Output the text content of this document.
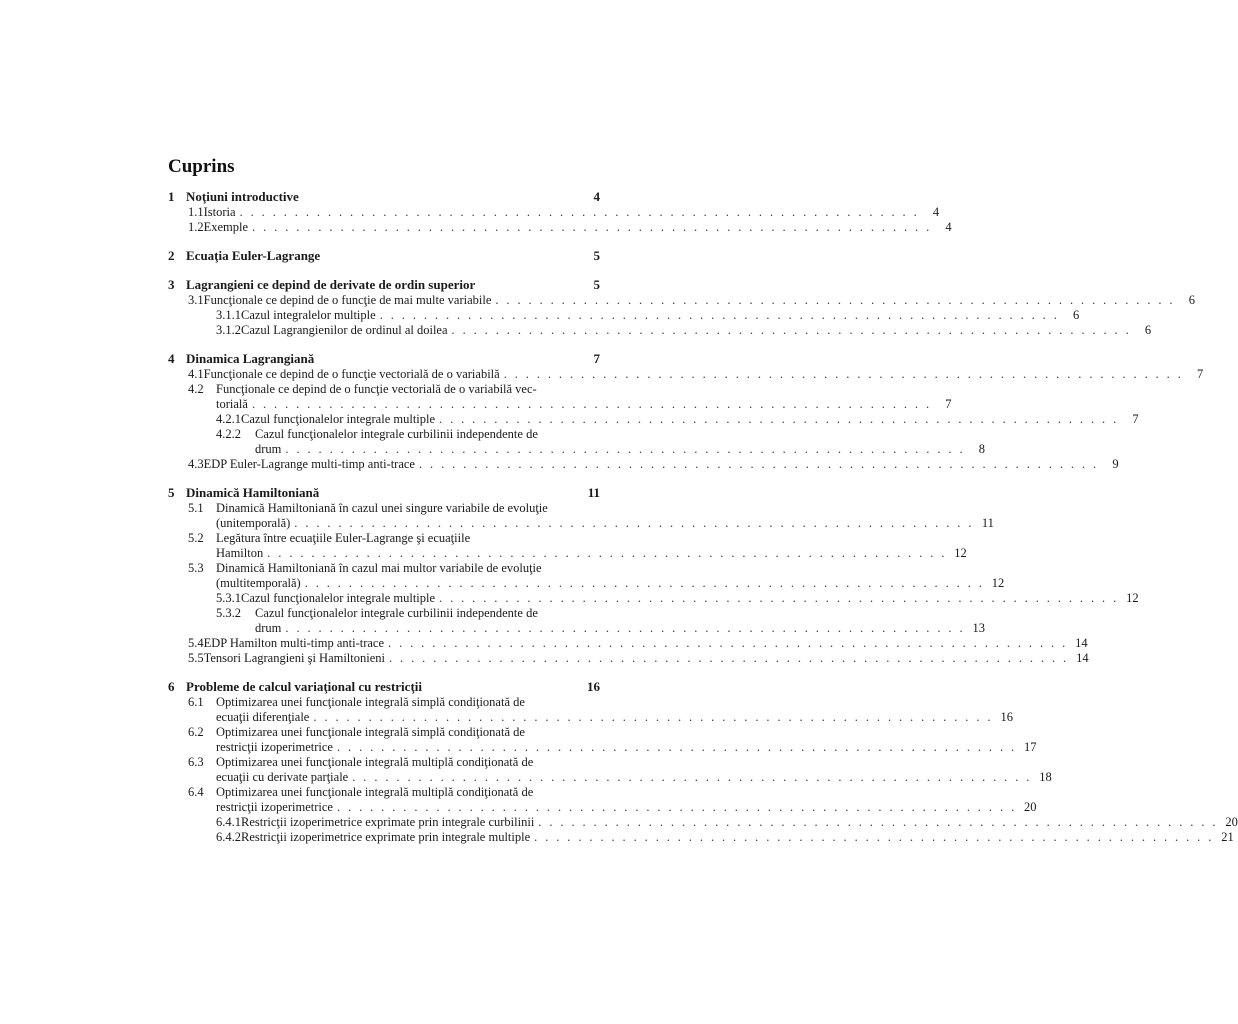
Cuprins
1 Noţiuni introductive	4
1.1 Istoria . . . . . . . . . . . . . . . . . . . . . . . . . . . . . . . . . . . . . . . . . . . . . . . . . . . . . . . . . . . . . .	4
1.2 Exemple . . . . . . . . . . . . . . . . . . . . . . . . . . . . . . . . . . . . . . . . . . . . . . . . . . . . . . . . . . . . . .	4
2 Ecuaţia Euler-Lagrange	5
3 Lagrangieni ce depind de derivate de ordin superior	5
3.1 Funcţionale ce depind de o funcţie de mai multe variabile . . . . . . . . . . . . . . . . . . . . . . . . . . . . . . . . . . . . . . . . . . . . . . . . . . . . . . . . . . . . . .	6
3.1.1 Cazul integralelor multiple . . . . . . . . . . . . . . . . . . . . . . . . . . . . . . . . . . . . . . . . . . . . . . . . . . . . . . . . . . . . . .	6
3.1.2 Cazul Lagrangienilor de ordinul al doilea . . . . . . . . . . . . . . . . . . . . . . . . . . . . . . . . . . . . . . . . . . . . . . . . . . . . . . . . . . . . . .	6
4 Dinamica Lagrangiană	7
4.1 Funcţionale ce depind de o funcţie vectorială de o variabilă . . . . . . . . . . . . . . . . . . . . . . . . . . . . . . . . . . . . . . . . . . . . . . . . . . . . . . . . . . . . . .	7
4.2 Funcţionale ce depind de o funcţie vectorială de o variabilă vec-
torială . . . . . . . . . . . . . . . . . . . . . . . . . . . . . . . . . . . . . . . . . . . . . . . . . . . . . . . . . . . . . .	7
4.2.1 Cazul funcţionalelor integrale multiple . . . . . . . . . . . . . . . . . . . . . . . . . . . . . . . . . . . . . . . . . . . . . . . . . . . . . . . . . . . . . .	7
4.2.2	Cazul funcţionalelor integrale curbilinii independente de
drum . . . . . . . . . . . . . . . . . . . . . . . . . . . . . . . . . . . . . . . . . . . . . . . . . . . . . . . . . . . . . .	8
4.3 EDP Euler-Lagrange multi-timp anti-trace . . . . . . . . . . . . . . . . . . . . . . . . . . . . . . . . . . . . . . . . . . . . . . . . . . . . . . . . . . . . . .	9
5 Dinamică Hamiltoniană	11
5.1 Dinamică Hamiltoniană în cazul unei singure variabile de evoluţie
(unitemporală) . . . . . . . . . . . . . . . . . . . . . . . . . . . . . . . . . . . . . . . . . . . . . . . . . . . . . . . . . . . . . . 11
5.2 Legătura între ecuaţiile Euler-Lagrange şi ecuaţiile
Hamilton . . . . . . . . . . . . . . . . . . . . . . . . . . . . . . . . . . . . . . . . . . . . . . . . . . . . . . . . . . . . . . 12
5.3 Dinamică Hamiltoniană în cazul mai multor variabile de evoluţie
(multitemporală) . . . . . . . . . . . . . . . . . . . . . . . . . . . . . . . . . . . . . . . . . . . . . . . . . . . . . . . . . . . . . . 12
5.3.1 Cazul funcţionalelor integrale multiple . . . . . . . . . . . . . . . . . . . . . . . . . . . . . . . . . . . . . . . . . . . . . . . . . . . . . . . . . . . . . . 12
5.3.2	Cazul funcţionalelor integrale curbilinii independente de
drum . . . . . . . . . . . . . . . . . . . . . . . . . . . . . . . . . . . . . . . . . . . . . . . . . . . . . . . . . . . . . . 13
5.4 EDP Hamilton multi-timp anti-trace . . . . . . . . . . . . . . . . . . . . . . . . . . . . . . . . . . . . . . . . . . . . . . . . . . . . . . . . . . . . . . 14
5.5 Tensori Lagrangieni şi Hamiltonieni . . . . . . . . . . . . . . . . . . . . . . . . . . . . . . . . . . . . . . . . . . . . . . . . . . . . . . . . . . . . . . 14
6 Probleme de calcul variaţional cu restricţii	16
6.1 Optimizarea unei funcţionale integrală simplă condiţionată de
ecuaţii diferenţiale . . . . . . . . . . . . . . . . . . . . . . . . . . . . . . . . . . . . . . . . . . . . . . . . . . . . . . . . . . . . . . 16
6.2 Optimizarea unei funcţionale integrală simplă condiţionată de
restricţii izoperimetrice . . . . . . . . . . . . . . . . . . . . . . . . . . . . . . . . . . . . . . . . . . . . . . . . . . . . . . . . . . . . . . 17
6.3 Optimizarea unei funcţionale integrală multiplă condiţionată de
ecuaţii cu derivate parţiale . . . . . . . . . . . . . . . . . . . . . . . . . . . . . . . . . . . . . . . . . . . . . . . . . . . . . . . . . . . . . . 18
6.4 Optimizarea unei funcţionale integrală multiplă condiţionată de
restricţii izoperimetrice . . . . . . . . . . . . . . . . . . . . . . . . . . . . . . . . . . . . . . . . . . . . . . . . . . . . . . . . . . . . . . 20
6.4.1 Restricţii izoperimetrice exprimate prin integrale curbilinii . . . . . . . . . . . . . . . . . . . . . . . . . . . . . . . . . . . . . . . . . . . . . . . . . . . . . . . . . . . . . . 20
6.4.2 Restricţii izoperimetrice exprimate prin integrale multiple . . . . . . . . . . . . . . . . . . . . . . . . . . . . . . . . . . . . . . . . . . . . . . . . . . . . . . . . . . . . . . 21
